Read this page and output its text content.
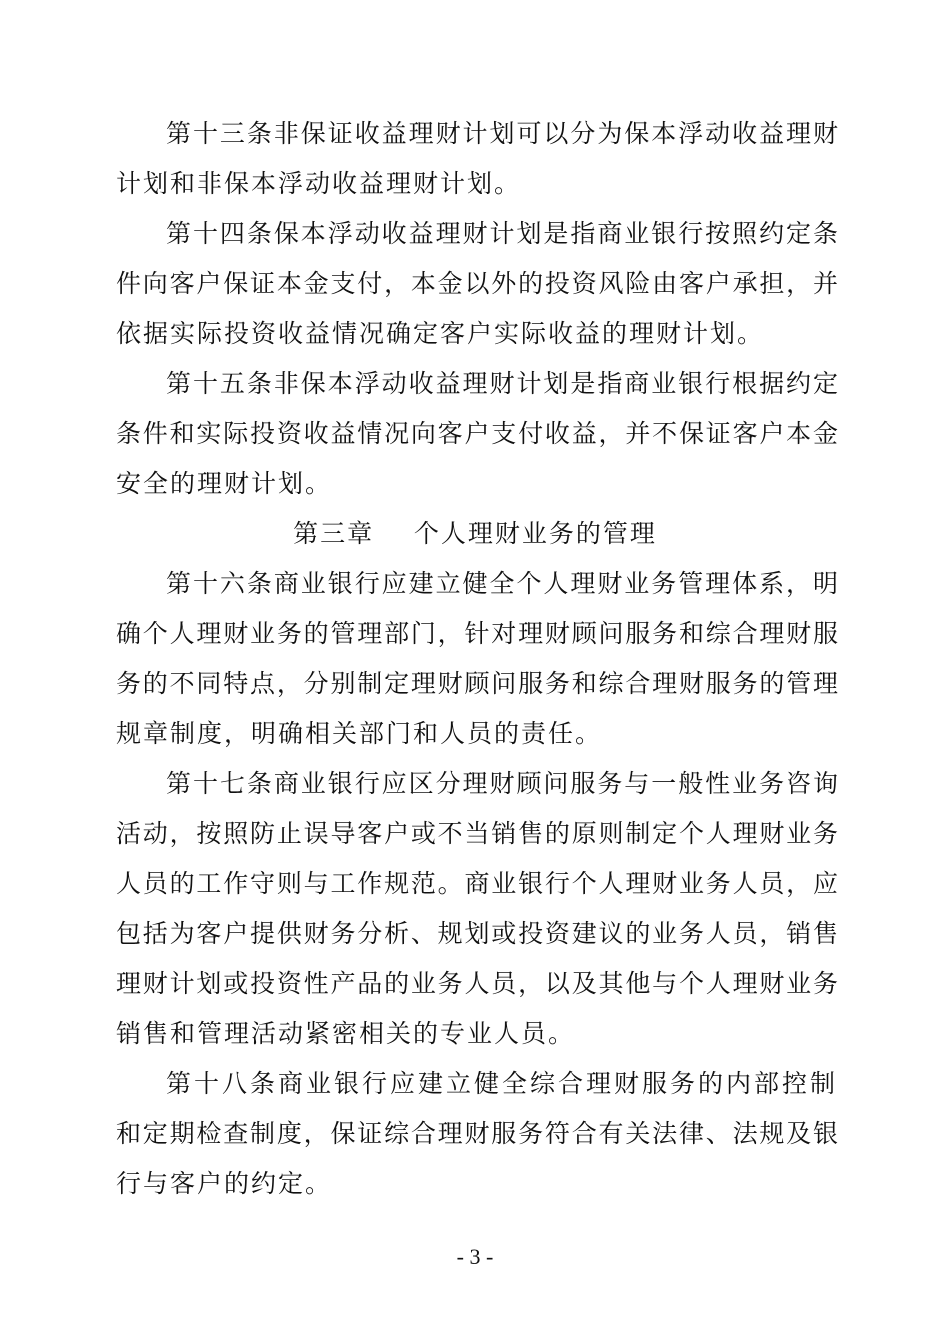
第十三条非保证收益理财计划可以分为保本浮动收益理财
计划和非保本浮动收益理财计划。
第十四条保本浮动收益理财计划是指商业银行按照约定条
件向客户保证本金支付，本金以外的投资风险由客户承担，并
依据实际投资收益情况确定客户实际收益的理财计划。
第十五条非保本浮动收益理财计划是指商业银行根据约定
条件和实际投资收益情况向客户支付收益，并不保证客户本金
安全的理财计划。
第三章    个人理财业务的管理
第十六条商业银行应建立健全个人理财业务管理体系，明
确个人理财业务的管理部门，针对理财顾问服务和综合理财服
务的不同特点，分别制定理财顾问服务和综合理财服务的管理
规章制度，明确相关部门和人员的责任。
第十七条商业银行应区分理财顾问服务与一般性业务咨询
活动，按照防止误导客户或不当销售的原则制定个人理财业务
人员的工作守则与工作规范。商业银行个人理财业务人员，应
包括为客户提供财务分析、规划或投资建议的业务人员，销售
理财计划或投资性产品的业务人员，以及其他与个人理财业务
销售和管理活动紧密相关的专业人员。
第十八条商业银行应建立健全综合理财服务的内部控制
和定期检查制度，保证综合理财服务符合有关法律、法规及银
行与客户的约定。
- 3 -
